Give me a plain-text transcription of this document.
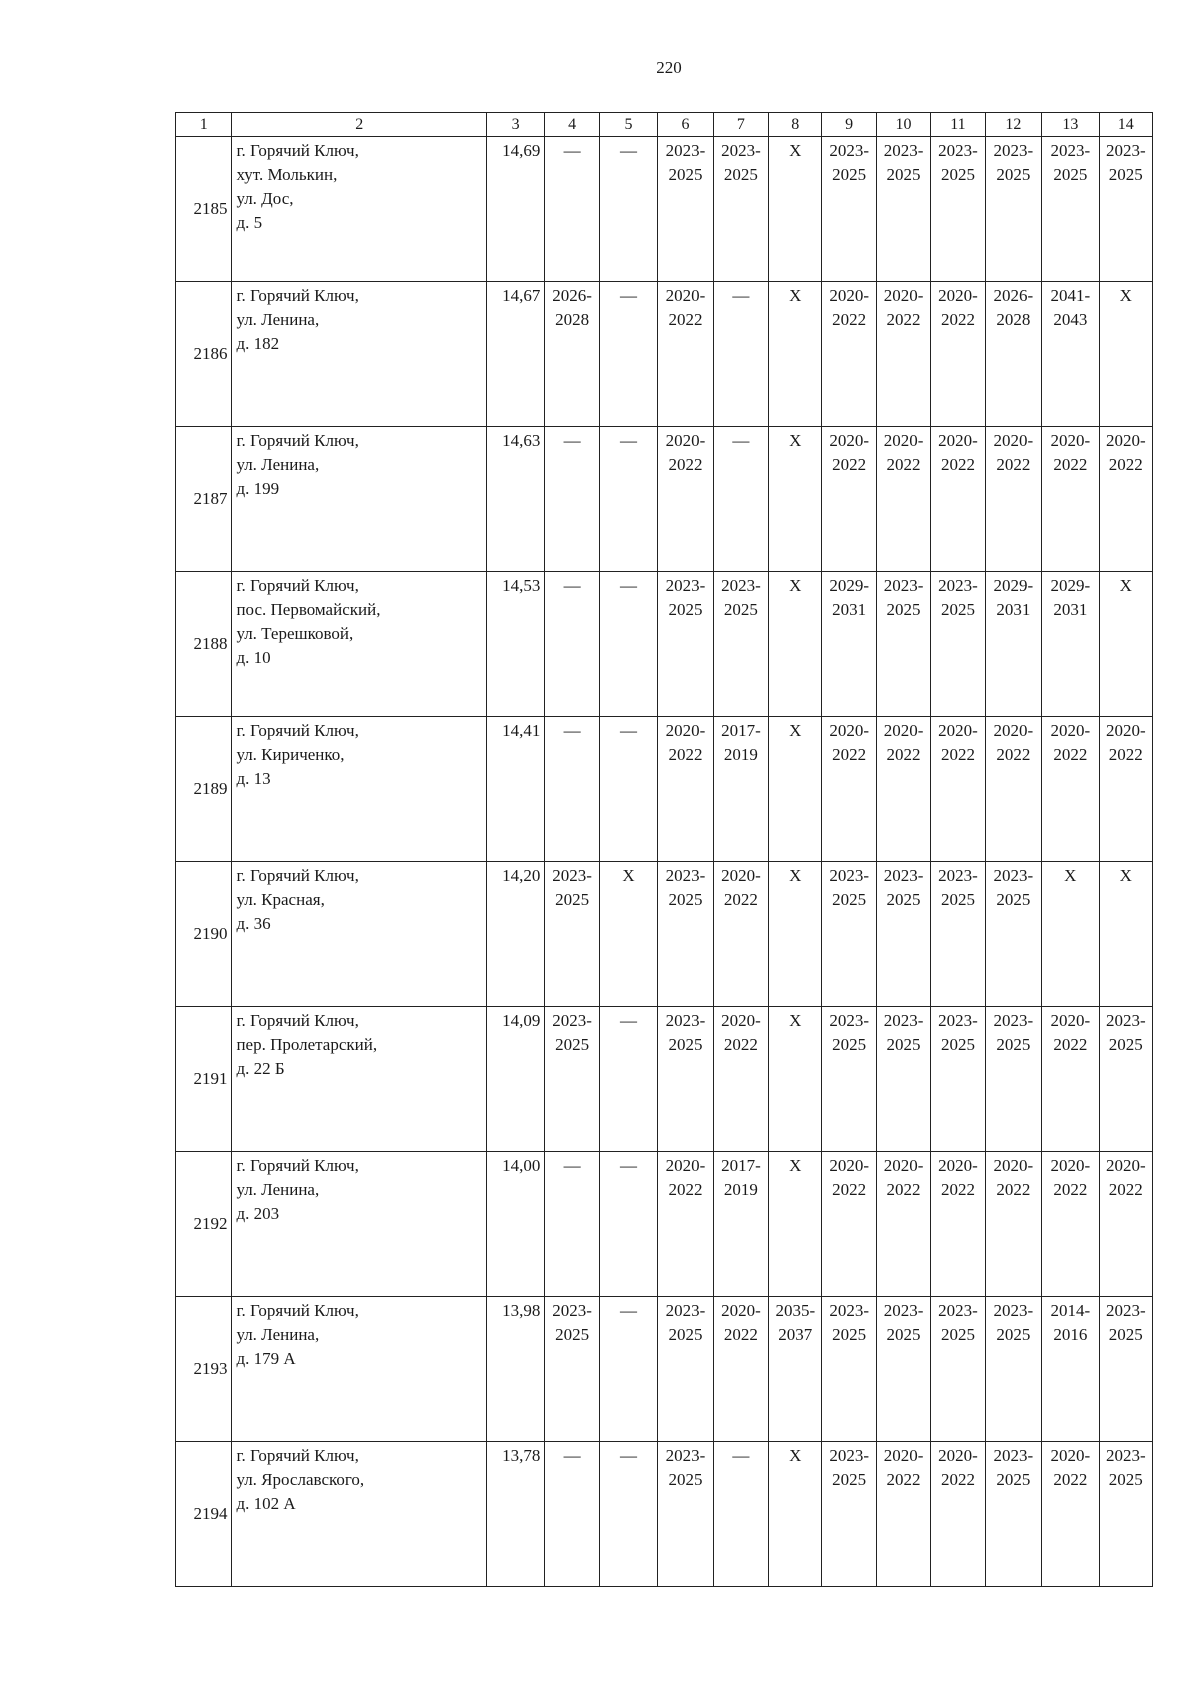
220
1	2	3	4	5	6	7	8	9	10	11	12	13	14
2185	г. Горячий Ключ,
хут. Молькин,
ул. Дос,
д. 5	14,69	—	—	2023-
2025	2023-
2025	X	2023-
2025	2023-
2025	2023-
2025	2023-
2025	2023-
2025	2023-
2025
2186	г. Горячий Ключ,
ул. Ленина,
д. 182	14,67	2026-
2028	—	2020-
2022	—	X	2020-
2022	2020-
2022	2020-
2022	2026-
2028	2041-
2043	X
2187	г. Горячий Ключ,
ул. Ленина,
д. 199	14,63	—	—	2020-
2022	—	X	2020-
2022	2020-
2022	2020-
2022	2020-
2022	2020-
2022	2020-
2022
2188	г. Горячий Ключ,
пос. Первомайский,
ул. Терешковой,
д. 10	14,53	—	—	2023-
2025	2023-
2025	X	2029-
2031	2023-
2025	2023-
2025	2029-
2031	2029-
2031	X
2189	г. Горячий Ключ,
ул. Кириченко,
д. 13	14,41	—	—	2020-
2022	2017-
2019	X	2020-
2022	2020-
2022	2020-
2022	2020-
2022	2020-
2022	2020-
2022
2190	г. Горячий Ключ,
ул. Красная,
д. 36	14,20	2023-
2025	X	2023-
2025	2020-
2022	X	2023-
2025	2023-
2025	2023-
2025	2023-
2025	X	X
2191	г. Горячий Ключ,
пер. Пролетарский,
д. 22 Б	14,09	2023-
2025	—	2023-
2025	2020-
2022	X	2023-
2025	2023-
2025	2023-
2025	2023-
2025	2020-
2022	2023-
2025
2192	г. Горячий Ключ,
ул. Ленина,
д. 203	14,00	—	—	2020-
2022	2017-
2019	X	2020-
2022	2020-
2022	2020-
2022	2020-
2022	2020-
2022	2020-
2022
2193	г. Горячий Ключ,
ул. Ленина,
д. 179 А	13,98	2023-
2025	—	2023-
2025	2020-
2022	2035-
2037	2023-
2025	2023-
2025	2023-
2025	2023-
2025	2014-
2016	2023-
2025
2194	г. Горячий Ключ,
ул. Ярославского,
д. 102 А	13,78	—	—	2023-
2025	—	X	2023-
2025	2020-
2022	2020-
2022	2023-
2025	2020-
2022	2023-
2025
